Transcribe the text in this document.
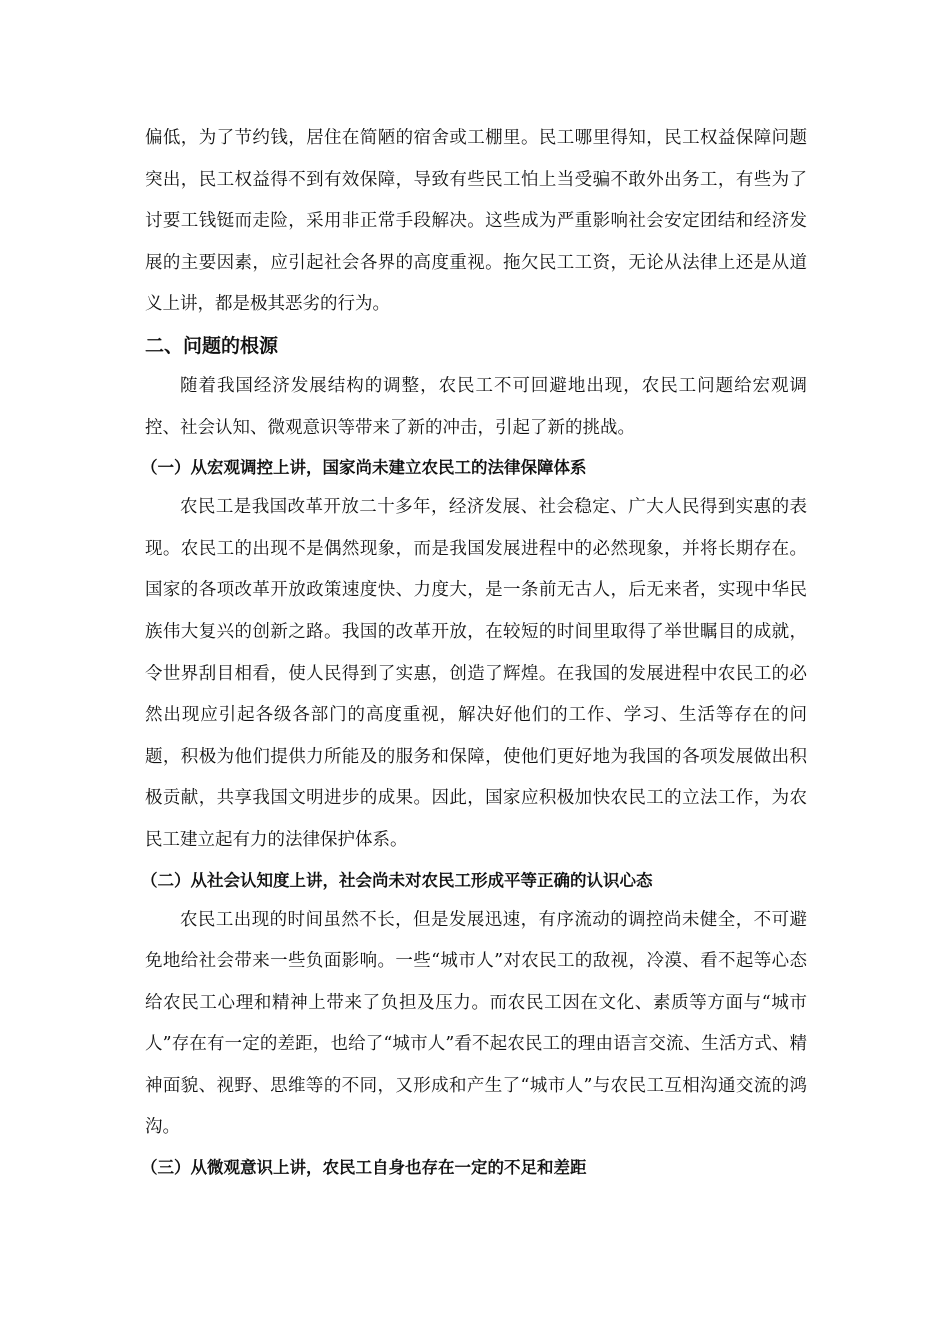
偏低，为了节约钱，居住在简陋的宿舍或工棚里。民工哪里得知，民工权益保障问题突出，民工权益得不到有效保障，导致有些民工怕上当受骗不敢外出务工，有些为了讨要工钱铤而走险，采用非正常手段解决。这些成为严重影响社会安定团结和经济发展的主要因素，应引起社会各界的高度重视。拖欠民工工资，无论从法律上还是从道义上讲，都是极其恶劣的行为。

二、问题的根源

随着我国经济发展结构的调整，农民工不可回避地出现，农民工问题给宏观调控、社会认知、微观意识等带来了新的冲击，引起了新的挑战。

（一）从宏观调控上讲，国家尚未建立农民工的法律保障体系

农民工是我国改革开放二十多年，经济发展、社会稳定、广大人民得到实惠的表现。农民工的出现不是偶然现象，而是我国发展进程中的必然现象，并将长期存在。国家的各项改革开放政策速度快、力度大，是一条前无古人，后无来者，实现中华民族伟大复兴的创新之路。我国的改革开放，在较短的时间里取得了举世瞩目的成就，令世界刮目相看，使人民得到了实惠，创造了辉煌。在我国的发展进程中农民工的必然出现应引起各级各部门的高度重视，解决好他们的工作、学习、生活等存在的问题，积极为他们提供力所能及的服务和保障，使他们更好地为我国的各项发展做出积极贡献，共享我国文明进步的成果。因此，国家应积极加快农民工的立法工作，为农民工建立起有力的法律保护体系。

（二）从社会认知度上讲，社会尚未对农民工形成平等正确的认识心态

农民工出现的时间虽然不长，但是发展迅速，有序流动的调控尚未健全，不可避免地给社会带来一些负面影响。一些“城市人”对农民工的敌视，冷漠、看不起等心态给农民工心理和精神上带来了负担及压力。而农民工因在文化、素质等方面与“城市人”存在有一定的差距，也给了“城市人”看不起农民工的理由语言交流、生活方式、精神面貌、视野、思维等的不同，又形成和产生了“城市人”与农民工互相沟通交流的鸿沟。

（三）从微观意识上讲，农民工自身也存在一定的不足和差距
